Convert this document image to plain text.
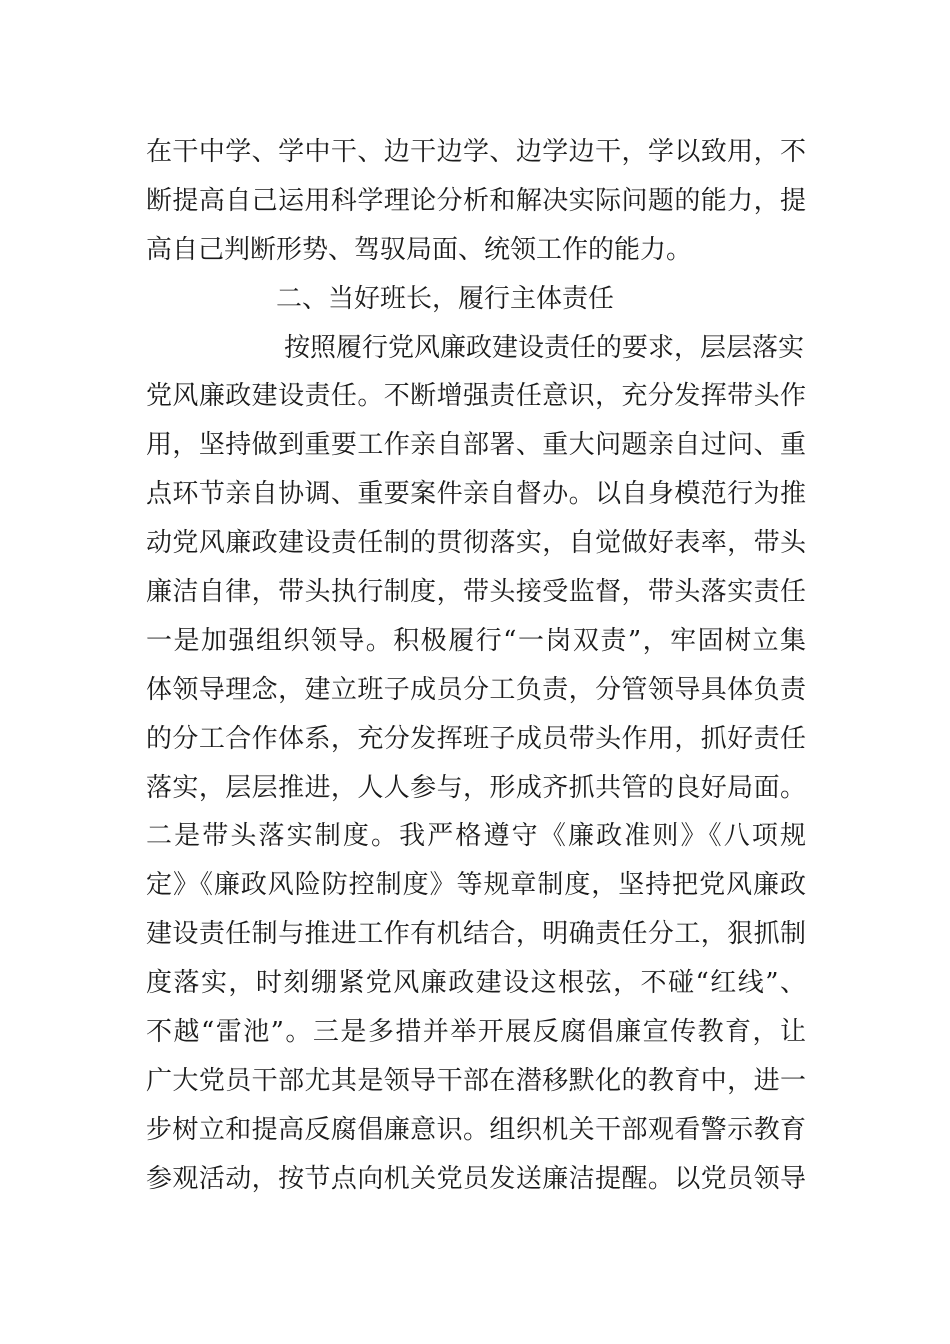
在干中学、学中干、边干边学、边学边干，学以致用，不
断提高自己运用科学理论分析和解决实际问题的能力，提
高自己判断形势、驾驭局面、统领工作的能力。
二、当好班长，履行主体责任
按照履行党风廉政建设责任的要求，层层落实
党风廉政建设责任。不断增强责任意识，充分发挥带头作
用，坚持做到重要工作亲自部署、重大问题亲自过问、重
点环节亲自协调、重要案件亲自督办。以自身模范行为推
动党风廉政建设责任制的贯彻落实，自觉做好表率，带头
廉洁自律，带头执行制度，带头接受监督，带头落实责任
一是加强组织领导。积极履行“一岗双责”，牢固树立集
体领导理念，建立班子成员分工负责，分管领导具体负责
的分工合作体系，充分发挥班子成员带头作用，抓好责任
落实，层层推进，人人参与，形成齐抓共管的良好局面。
二是带头落实制度。我严格遵守《廉政准则》《八项规
定》《廉政风险防控制度》等规章制度，坚持把党风廉政
建设责任制与推进工作有机结合，明确责任分工，狠抓制
度落实，时刻绷紧党风廉政建设这根弦，不碰“红线”、
不越“雷池”。三是多措并举开展反腐倡廉宣传教育，让
广大党员干部尤其是领导干部在潜移默化的教育中，进一
步树立和提高反腐倡廉意识。组织机关干部观看警示教育
参观活动，按节点向机关党员发送廉洁提醒。以党员领导
